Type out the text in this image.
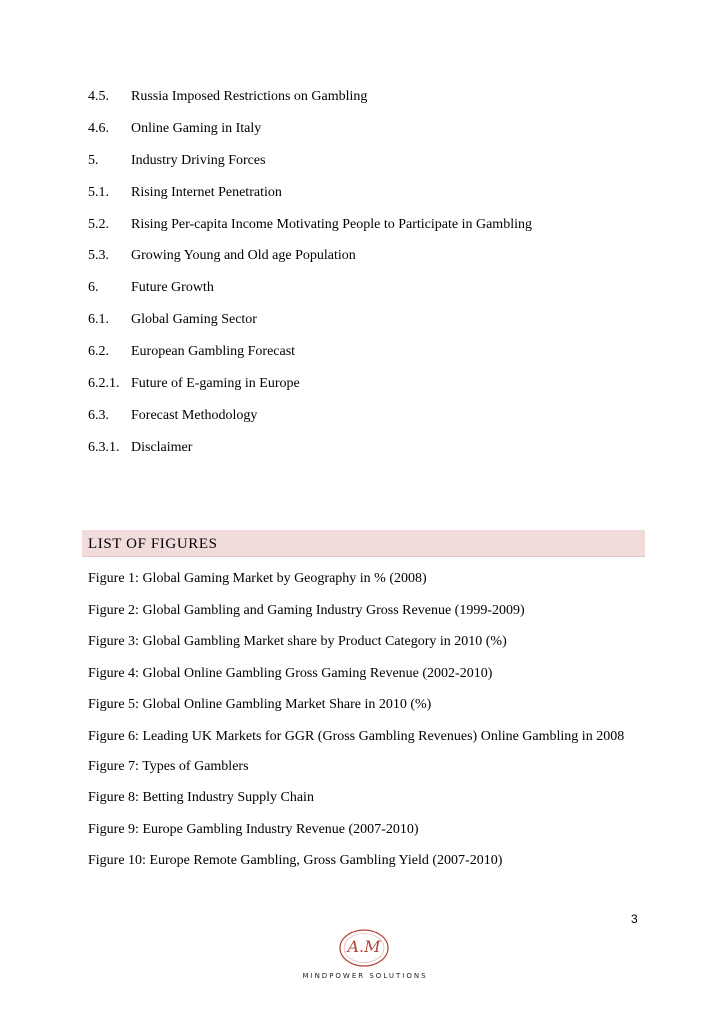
4.5.	Russia Imposed Restrictions on Gambling
4.6.	Online Gaming in Italy
5.	Industry Driving Forces
5.1.	Rising Internet Penetration
5.2.	Rising Per-capita Income Motivating People to Participate in Gambling
5.3.	Growing Young and Old age Population
6.	Future Growth
6.1.	Global Gaming Sector
6.2.	European Gambling Forecast
6.2.1. Future of E-gaming in Europe
6.3.	Forecast Methodology
6.3.1. Disclaimer
LIST OF FIGURES
Figure 1: Global Gaming Market by Geography in % (2008)
Figure 2: Global Gambling and Gaming Industry Gross Revenue (1999-2009)
Figure 3: Global Gambling Market share by Product Category in 2010 (%)
Figure 4: Global Online Gambling Gross Gaming Revenue (2002-2010)
Figure 5: Global Online Gambling Market Share in 2010 (%)
Figure 6: Leading UK Markets for GGR (Gross Gambling Revenues) Online Gambling in 2008
Figure 7: Types of Gamblers
Figure 8: Betting Industry Supply Chain
Figure 9: Europe Gambling Industry Revenue (2007-2010)
Figure 10: Europe Remote Gambling, Gross Gambling Yield (2007-2010)
3
A.M
MINDPOWER SOLUTIONS
